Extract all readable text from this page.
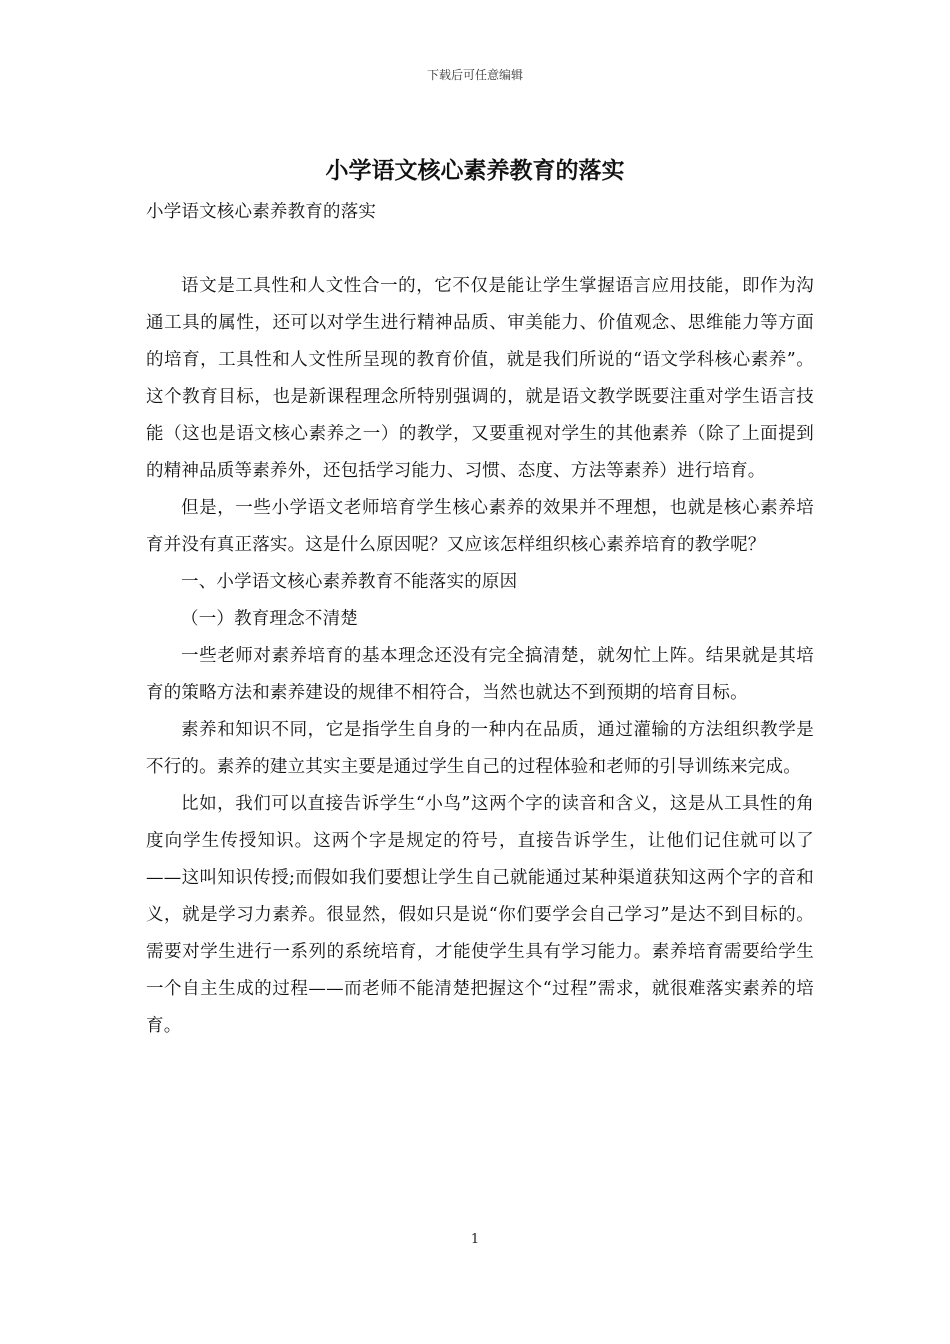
下载后可任意编辑
小学语文核心素养教育的落实

小学语文核心素养教育的落实

语文是工具性和人文性合一的，它不仅是能让学生掌握语言应用技能，即作为沟通工具的属性，还可以对学生进行精神品质、审美能力、价值观念、思维能力等方面的培育，工具性和人文性所呈现的教育价值，就是我们所说的“语文学科核心素养”。这个教育目标，也是新课程理念所特别强调的，就是语文教学既要注重对学生语言技能（这也是语文核心素养之一）的教学，又要重视对学生的其他素养（除了上面提到的精神品质等素养外，还包括学习能力、习惯、态度、方法等素养）进行培育。

但是，一些小学语文老师培育学生核心素养的效果并不理想，也就是核心素养培育并没有真正落实。这是什么原因呢？又应该怎样组织核心素养培育的教学呢？

一、小学语文核心素养教育不能落实的原因

（一）教育理念不清楚

一些老师对素养培育的基本理念还没有完全搞清楚，就匆忙上阵。结果就是其培育的策略方法和素养建设的规律不相符合，当然也就达不到预期的培育目标。

素养和知识不同，它是指学生自身的一种内在品质，通过灌输的方法组织教学是不行的。素养的建立其实主要是通过学生自己的过程体验和老师的引导训练来完成。

比如，我们可以直接告诉学生“小鸟”这两个字的读音和含义，这是从工具性的角度向学生传授知识。这两个字是规定的符号，直接告诉学生，让他们记住就可以了——这叫知识传授;而假如我们要想让学生自己就能通过某种渠道获知这两个字的音和义，就是学习力素养。很显然，假如只是说“你们要学会自己学习”是达不到目标的。需要对学生进行一系列的系统培育，才能使学生具有学习能力。素养培育需要给学生一个自主生成的过程——而老师不能清楚把握这个“过程”需求，就很难落实素养的培育。

1
